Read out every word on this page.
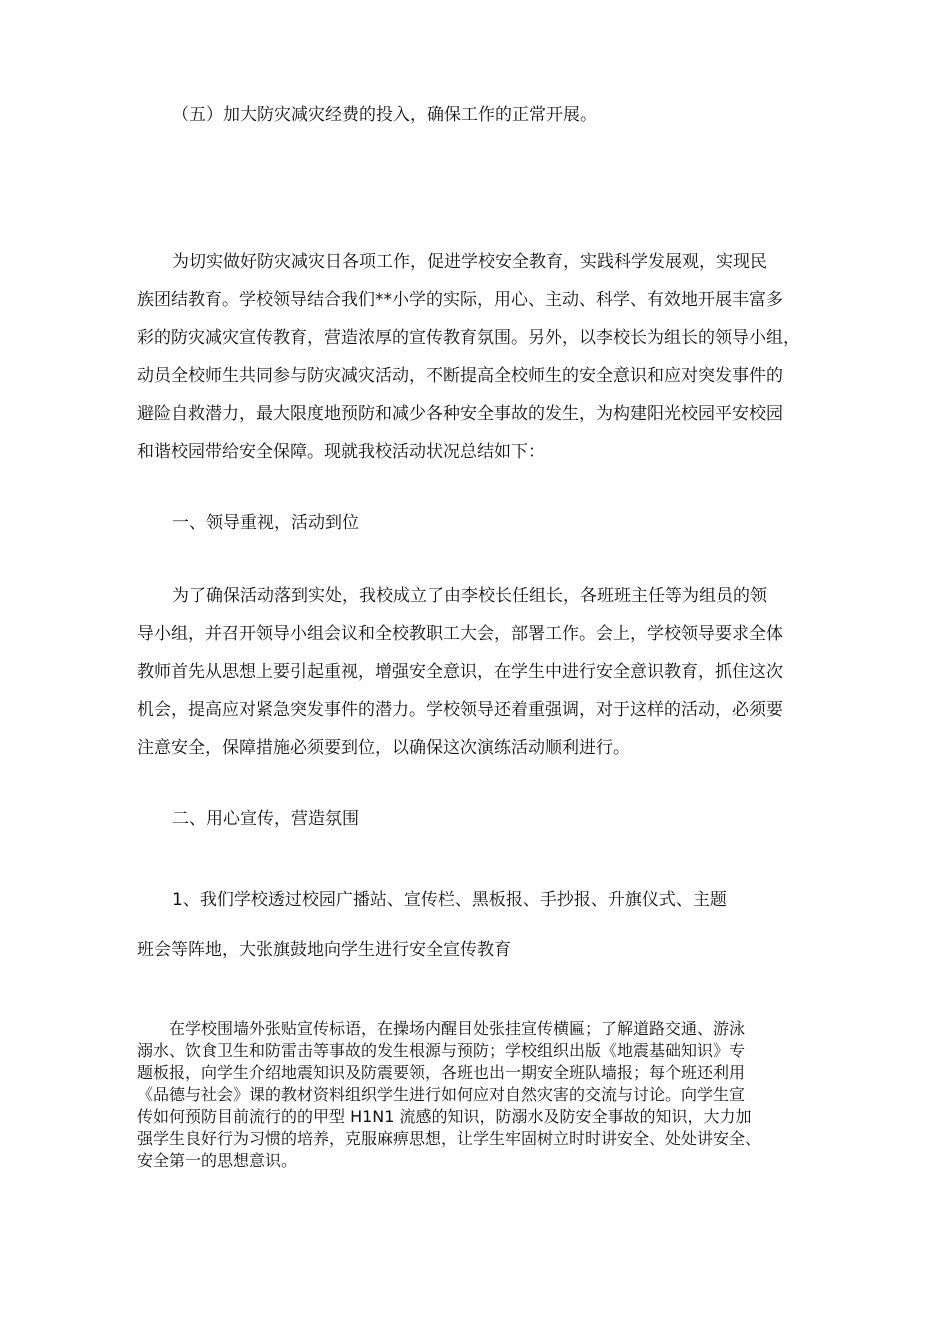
（五）加大防灾减灾经费的投入，确保工作的正常开展。
为切实做好防灾减灾日各项工作，促进学校安全教育，实践科学发展观，实现民
族团结教育。学校领导结合我们**小学的实际，用心、主动、科学、有效地开展丰富多
彩的防灾减灾宣传教育，营造浓厚的宣传教育氛围。另外，以李校长为组长的领导小组，
动员全校师生共同参与防灾减灾活动，不断提高全校师生的安全意识和应对突发事件的
避险自救潜力，最大限度地预防和减少各种安全事故的发生，为构建阳光校园平安校园
和谐校园带给安全保障。现就我校活动状况总结如下：
一、领导重视，活动到位
为了确保活动落到实处，我校成立了由李校长任组长，各班班主任等为组员的领
导小组，并召开领导小组会议和全校教职工大会，部署工作。会上，学校领导要求全体
教师首先从思想上要引起重视，增强安全意识，在学生中进行安全意识教育，抓住这次
机会，提高应对紧急突发事件的潜力。学校领导还着重强调，对于这样的活动，必须要
注意安全，保障措施必须要到位，以确保这次演练活动顺利进行。
二、用心宣传，营造氛围
1、我们学校透过校园广播站、宣传栏、黑板报、手抄报、升旗仪式、主题
班会等阵地，大张旗鼓地向学生进行安全宣传教育
　　在学校围墙外张贴宣传标语，在操场内醒目处张挂宣传横匾；了解道路交通、游泳
溺水、饮食卫生和防雷击等事故的发生根源与预防；学校组织出版《地震基础知识》专
题板报，向学生介绍地震知识及防震要领，各班也出一期安全班队墙报；每个班还利用
《品德与社会》课的教材资料组织学生进行如何应对自然灾害的交流与讨论。向学生宣
传如何预防目前流行的的甲型 H1N1 流感的知识，防溺水及防安全事故的知识，大力加
强学生良好行为习惯的培养，克服麻痹思想，让学生牢固树立时时讲安全、处处讲安全、
安全第一的思想意识。
